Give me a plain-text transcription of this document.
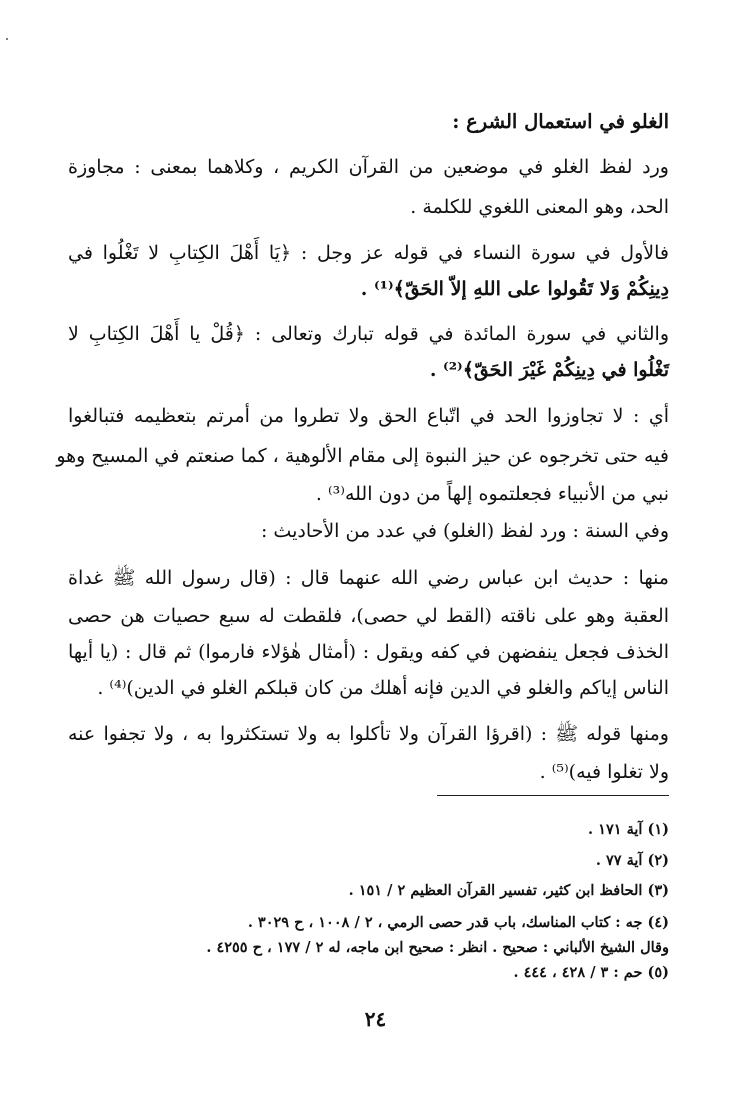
الغلو في استعمال الشرع :
ورد لفظ الغلو في موضعين من القرآن الكريم ، وكلاهما بمعنى : مجاوزة
الحد، وهو المعنى اللغوي للكلمة .
فالأول في سورة النساء في قوله عز وجل : ﴿يَا أَهْلَ الكِتابِ لا تَغْلُوا في
دِينِكُمْ وَلا تَقُولوا على اللهِ إلاّ الحَقّ﴾⁽¹⁾ .
والثاني في سورة المائدة في قوله تبارك وتعالى : ﴿قُلْ يا أَهْلَ الكِتابِ لا
تَغْلُوا في دِينِكُمْ غَيْرَ الحَقّ﴾⁽²⁾ .
أي : لا تجاوزوا الحد في اتّباع الحق ولا تطروا من أمرتم بتعظيمه فتبالغوا
فيه حتى تخرجوه عن حيز النبوة إلى مقام الألوهية ، كما صنعتم في المسيح وهو
نبي من الأنبياء فجعلتموه إلهاً من دون الله⁽³⁾ .
وفي السنة : ورد لفظ (الغلو) في عدد من الأحاديث :
منها : حديث ابن عباس رضي الله عنهما قال : (قال رسول الله ﷺ غداة
العقبة وهو على ناقته (القط لي حصى)، فلقطت له سبع حصيات هن حصى
الخذف فجعل ينفضهن في كفه ويقول : (أمثال هٰؤلاء فارموا) ثم قال : (يا أيها
الناس إياكم والغلو في الدين فإنه أهلك من كان قبلكم الغلو في الدين)⁽⁴⁾ .
ومنها قوله ﷺ : (اقرؤا القرآن ولا تأكلوا به ولا تستكثروا به ، ولا تجفوا عنه
ولا تغلوا فيه)⁽⁵⁾ .
(١) آية ١٧١ .
(٢) آية ٧٧ .
(٣) الحافظ ابن كثير، تفسير القرآن العظيم ٢ / ١٥١ .
(٤) جه : كتاب المناسك، باب قدر حصى الرمي ، ٢ / ١٠٠٨ ، ح ٣٠٢٩ .
وقال الشيخ الألباني : صحيح . انظر : صحيح ابن ماجه، له ٢ / ١٧٧ ، ح ٤٢٥٥ .
(٥) حم : ٣ / ٤٢٨ ، ٤٤٤ .
٢٤
